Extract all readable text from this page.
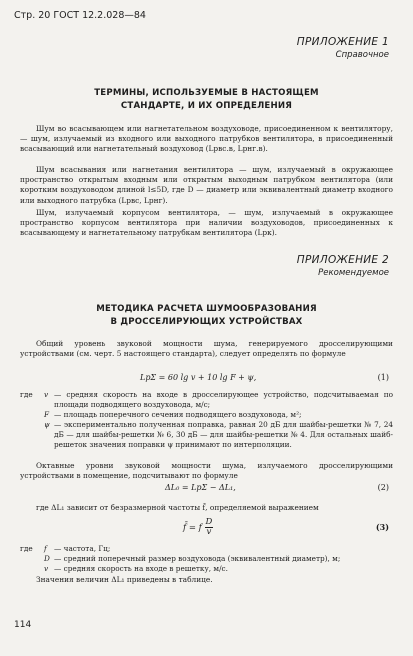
Стр. 20 ГОСТ 12.2.028—84
ПРИЛОЖЕНИЕ 1
Справочное
ТЕРМИНЫ, ИСПОЛЬЗУЕМЫЕ В НАСТОЯЩЕМ
СТАНДАРТЕ, И ИХ ОПРЕДЕЛЕНИЯ
Шум во всасывающем или нагнетательном воздуховоде, присоединенном к вентилятору, — шум, излучаемый из входного или выходного патрубков вентилятора, в присоединенный всасывающий или нагнетательный воздуховод (Lрвс.в, Lрнг.в).
Шум всасывания или нагнетания вентилятора — шум, излучаемый в окружающее пространство открытым входным или открытым выходным патрубком вентилятора (или коротким воздуховодом длиной l≤5D, где D — диаметр или эквивалентный диаметр входного или выходного патрубка (Lрвс, Lрнг).
Шум, излучаемый корпусом вентилятора, — шум, излучаемый в окружающее пространство корпусом вентилятора при наличии воздуховодов, присоединенных к всасывающему и нагнетательному патрубкам вентилятора (Lрк).
ПРИЛОЖЕНИЕ 2
Рекомендуемое
МЕТОДИКА РАСЧЕТА ШУМООБРАЗОВАНИЯ
В ДРОССЕЛИРУЮЩИХ УСТРОЙСТВАХ
Общий уровень звуковой мощности шума, генерируемого дросселирующими устройствами (см. черт. 5 настоящего стандарта), следует определять по формуле
LрΣ = 60 lg v + 10 lg F + ψ,	(1)
где	v — средняя скорость на входе в дросселирующее устройство, подсчитываемая по площади подводящего воздуховода, м/с;
F — площадь поперечного сечения подводящего воздуховода, м²;
ψ — экспериментально полученная поправка, равная 20 дБ для шайбы-решетки № 7, 24 дБ — для шайбы-решетки № 6, 30 дБ — для шайбы-решетки № 4. Для остальных шайб-решеток значения поправки ψ принимают по интерполяции.
Октавные уровни звуковой мощности шума, излучаемого дросселирующими устройствами в помещение, подсчитывают по формуле
ΔL₀ = LрΣ − ΔL₁,	(2)
где ΔL₁ зависит от безразмерной частоты f̄, определяемой выражением
f̄ = f $\frac{D}{v}$	(3)
где	f — частота, Гц;
D — средний поперечный размер воздуховода (эквивалентный диаметр), м;
v — средняя скорость на входе в решетку, м/с.
Значения величин ΔL₁ приведены в таблице.
114
